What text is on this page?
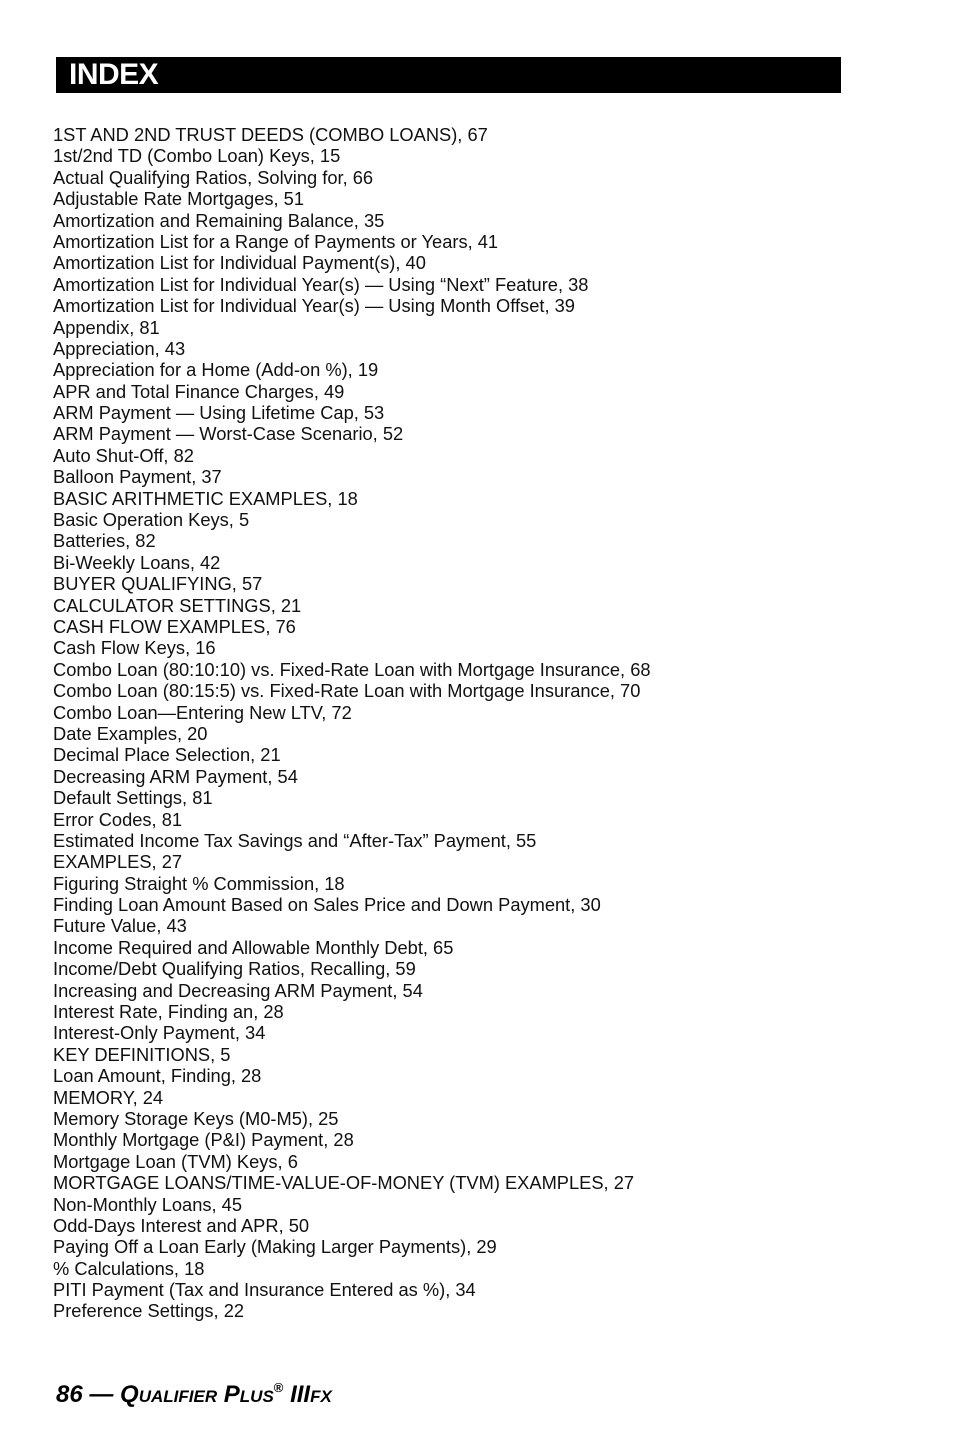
INDEX
1ST AND 2ND TRUST DEEDS (COMBO LOANS), 67
1st/2nd TD (Combo Loan) Keys, 15
Actual Qualifying Ratios, Solving for, 66
Adjustable Rate Mortgages, 51
Amortization and Remaining Balance, 35
Amortization List for a Range of Payments or Years, 41
Amortization List for Individual Payment(s), 40
Amortization List for Individual Year(s) — Using “Next” Feature, 38
Amortization List for Individual Year(s) — Using Month Offset, 39
Appendix, 81
Appreciation, 43
Appreciation for a Home (Add-on %), 19
APR and Total Finance Charges, 49
ARM Payment — Using Lifetime Cap, 53
ARM Payment — Worst-Case Scenario, 52
Auto Shut-Off, 82
Balloon Payment, 37
BASIC ARITHMETIC EXAMPLES, 18
Basic Operation Keys, 5
Batteries, 82
Bi-Weekly Loans, 42
BUYER QUALIFYING, 57
CALCULATOR SETTINGS, 21
CASH FLOW EXAMPLES, 76
Cash Flow Keys, 16
Combo Loan (80:10:10) vs. Fixed-Rate Loan with Mortgage Insurance, 68
Combo Loan (80:15:5) vs. Fixed-Rate Loan with Mortgage Insurance, 70
Combo Loan—Entering New LTV, 72
Date Examples, 20
Decimal Place Selection, 21
Decreasing ARM Payment, 54
Default Settings, 81
Error Codes, 81
Estimated Income Tax Savings and “After-Tax” Payment, 55
EXAMPLES, 27
Figuring Straight % Commission, 18
Finding Loan Amount Based on Sales Price and Down Payment, 30
Future Value, 43
Income Required and Allowable Monthly Debt, 65
Income/Debt Qualifying Ratios, Recalling, 59
Increasing and Decreasing ARM Payment, 54
Interest Rate, Finding an, 28
Interest-Only Payment, 34
KEY DEFINITIONS, 5
Loan Amount, Finding, 28
MEMORY, 24
Memory Storage Keys (M0-M5), 25
Monthly Mortgage (P&I) Payment, 28
Mortgage Loan (TVM) Keys, 6
MORTGAGE LOANS/TIME-VALUE-OF-MONEY (TVM) EXAMPLES, 27
Non-Monthly Loans, 45
Odd-Days Interest and APR, 50
Paying Off a Loan Early (Making Larger Payments), 29
% Calculations, 18
PITI Payment (Tax and Insurance Entered as %), 34
Preference Settings, 22
86 — Qualifier Plus® IIIFX
